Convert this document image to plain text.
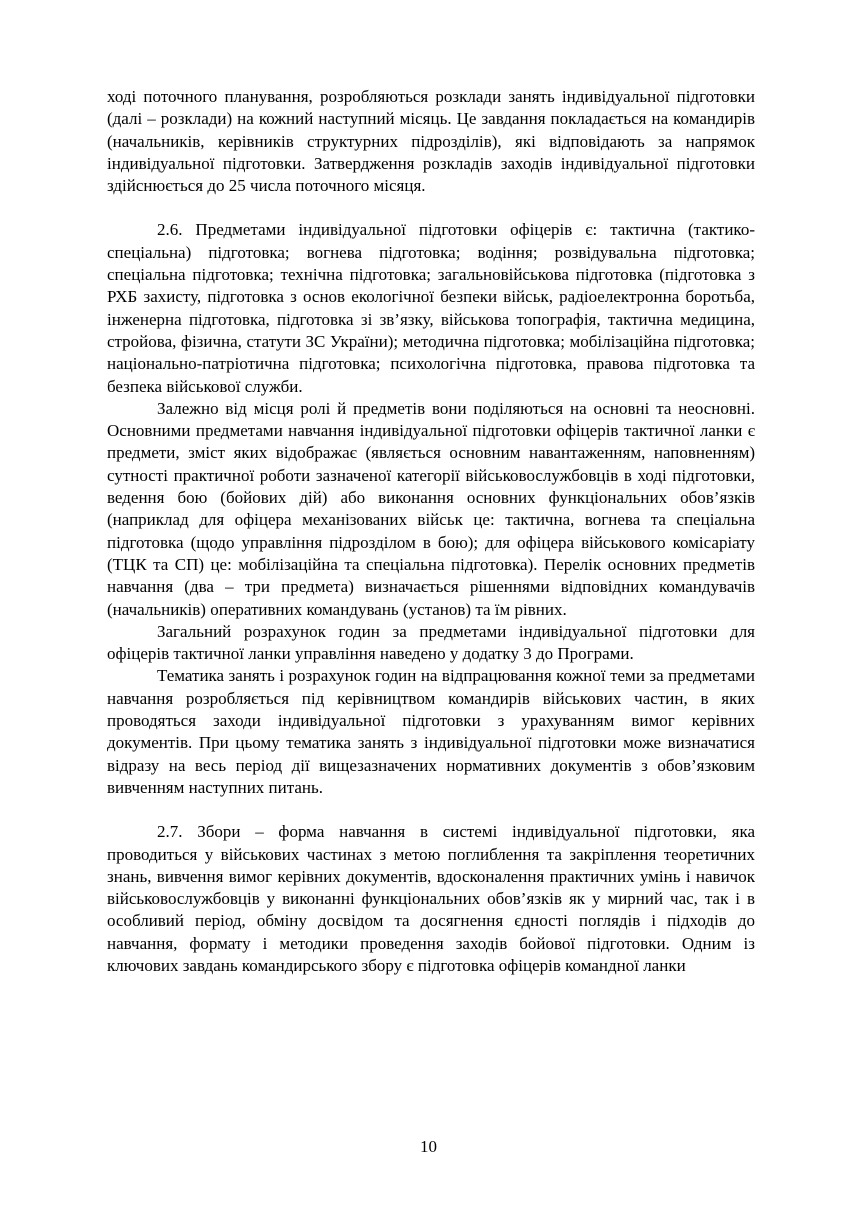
ході поточного планування, розробляються розклади занять індивідуальної підготовки (далі – розклади) на кожний наступний місяць. Це завдання покладається на командирів (начальників, керівників структурних підрозділів), які відповідають за напрямок індивідуальної підготовки. Затвердження розкладів заходів індивідуальної підготовки здійснюється до 25 числа поточного місяця.

2.6. Предметами індивідуальної підготовки офіцерів є: тактична (тактико-спеціальна) підготовка; вогнева підготовка; водіння; розвідувальна підготовка; спеціальна підготовка; технічна підготовка; загальновійськова підготовка (підготовка з РХБ захисту, підготовка з основ екологічної безпеки військ, радіоелектронна боротьба, інженерна підготовка, підготовка зі зв’язку, військова топографія, тактична медицина, стройова, фізична, статути ЗС України); методична підготовка; мобілізаційна підготовка; національно-патріотична підготовка; психологічна підготовка, правова підготовка та безпека військової служби.

Залежно від місця ролі й предметів вони поділяються на основні та неосновні. Основними предметами навчання індивідуальної підготовки офіцерів тактичної ланки є предмети, зміст яких відображає (являється основним навантаженням, наповненням) сутності практичної роботи зазначеної категорії військовослужбовців в ході підготовки, ведення бою (бойових дій) або виконання основних функціональних обов’язків (наприклад для офіцера механізованих військ це: тактична, вогнева та спеціальна підготовка (щодо управління підрозділом в бою); для офіцера військового комісаріату (ТЦК та СП) це: мобілізаційна та спеціальна підготовка). Перелік основних предметів навчання (два – три предмета) визначається рішеннями відповідних командувачів (начальників) оперативних командувань (установ) та їм рівних.

Загальний розрахунок годин за предметами індивідуальної підготовки для офіцерів тактичної ланки управління наведено у додатку 3 до Програми.

Тематика занять і розрахунок годин на відпрацювання кожної теми за предметами навчання розробляється під керівництвом командирів військових частин, в яких проводяться заходи індивідуальної підготовки з урахуванням вимог керівних документів. При цьому тематика занять з індивідуальної підготовки може визначатися відразу на весь період дії вищезазначених нормативних документів з обов’язковим вивченням наступних питань.

2.7. Збори – форма навчання в системі індивідуальної підготовки, яка проводиться у військових частинах з метою поглиблення та закріплення теоретичних знань, вивчення вимог керівних документів, вдосконалення практичних умінь і навичок військовослужбовців у виконанні функціональних обов’язків як у мирний час, так і в особливий період, обміну досвідом та досягнення єдності поглядів і підходів до навчання, формату і методики проведення заходів бойової підготовки. Одним із ключових завдань командирського збору є підготовка офіцерів командної ланки

10
